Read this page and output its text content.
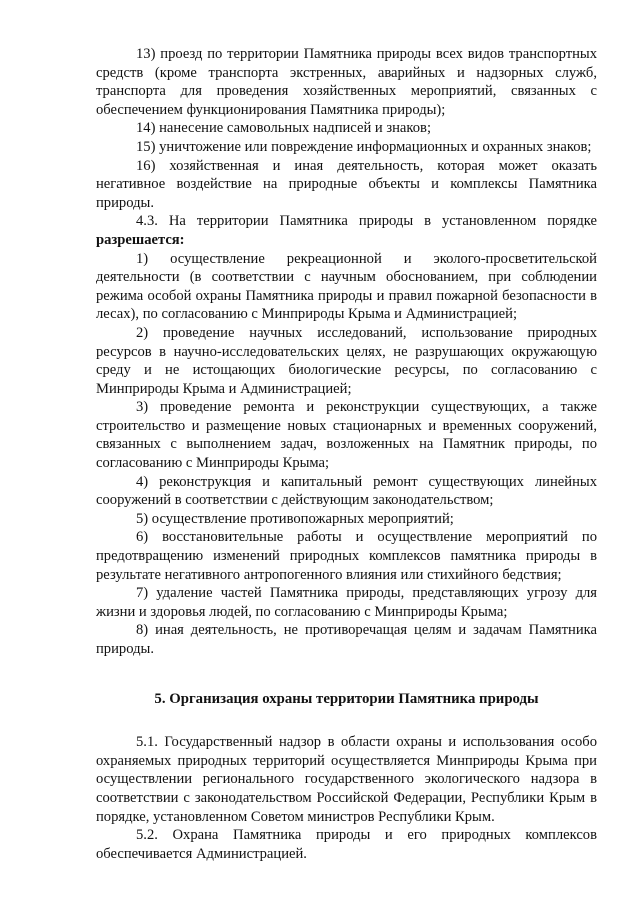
13) проезд по территории Памятника природы всех видов транспортных средств (кроме транспорта экстренных, аварийных и надзорных служб, транспорта для проведения хозяйственных мероприятий, связанных с обеспечением функционирования Памятника природы);

14) нанесение самовольных надписей и знаков;

15) уничтожение или повреждение информационных и охранных знаков;

16) хозяйственная и иная деятельность, которая может оказать негативное воздействие на природные объекты и комплексы Памятника природы.

4.3. На территории Памятника природы в установленном порядке разрешается:

1) осуществление рекреационной и эколого-просветительской деятельности (в соответствии с научным обоснованием, при соблюдении режима особой охраны Памятника природы и правил пожарной безопасности в лесах), по согласованию с Минприроды Крыма и Администрацией;

2) проведение научных исследований, использование природных ресурсов в научно-исследовательских целях, не разрушающих окружающую среду и не истощающих биологические ресурсы, по согласованию с Минприроды Крыма и Администрацией;

3) проведение ремонта и реконструкции существующих, а также строительство и размещение новых стационарных и временных сооружений, связанных с выполнением задач, возложенных на Памятник природы, по согласованию с Минприроды Крыма;

4) реконструкция и капитальный ремонт существующих линейных сооружений в соответствии с действующим законодательством;

5) осуществление противопожарных мероприятий;

6) восстановительные работы и осуществление мероприятий по предотвращению изменений природных комплексов памятника природы в результате негативного антропогенного влияния или стихийного бедствия;

7) удаление частей Памятника природы, представляющих угрозу для жизни и здоровья людей, по согласованию с Минприроды Крыма;

8) иная деятельность, не противоречащая целям и задачам Памятника природы.

5. Организация охраны территории Памятника природы

5.1. Государственный надзор в области охраны и использования особо охраняемых природных территорий осуществляется Минприроды Крыма при осуществлении регионального государственного экологического надзора в соответствии с законодательством Российской Федерации, Республики Крым в порядке, установленном Советом министров Республики Крым.

5.2. Охрана Памятника природы и его природных комплексов обеспечивается Администрацией.
